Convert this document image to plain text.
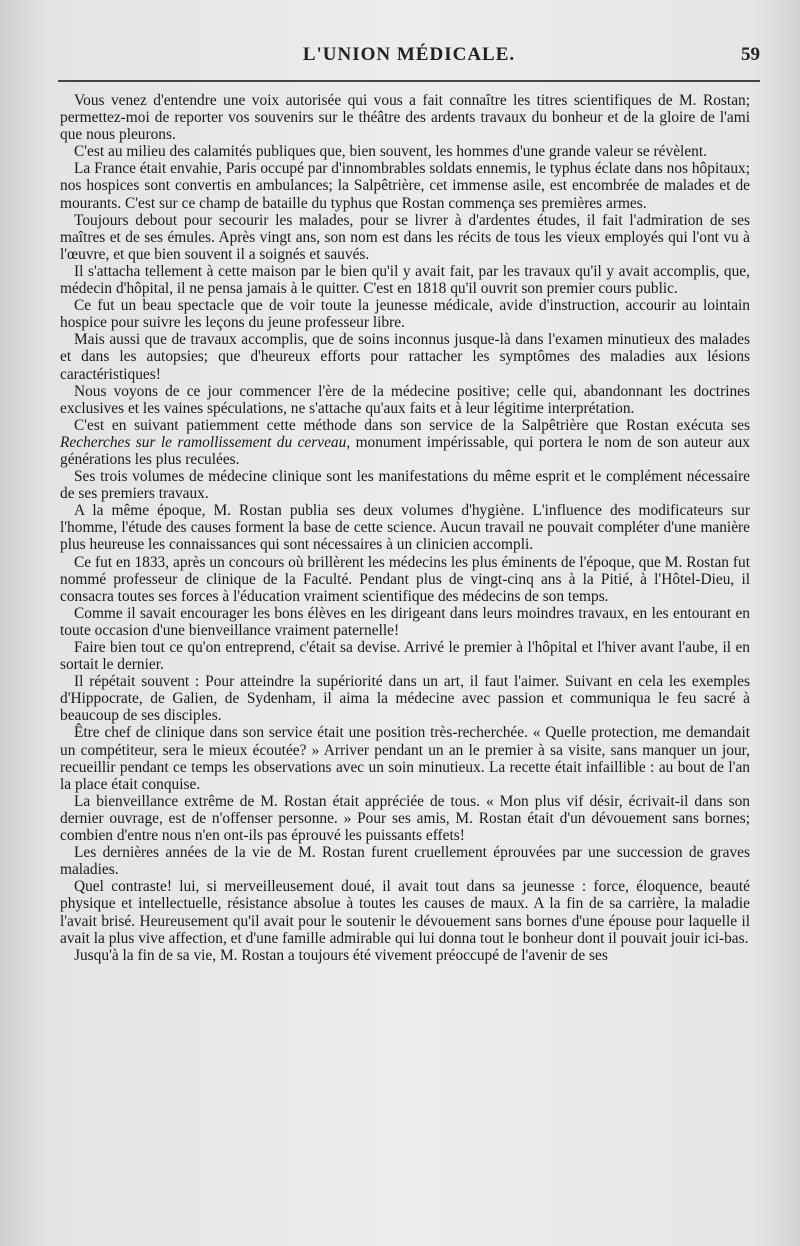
L'UNION MÉDICALE.	59

Vous venez d'entendre une voix autorisée qui vous a fait connaître les titres scientifiques de M. Rostan; permettez-moi de reporter vos souvenirs sur le théâtre des ardents travaux du bonheur et de la gloire de l'ami que nous pleurons.

C'est au milieu des calamités publiques que, bien souvent, les hommes d'une grande valeur se révèlent.

La France était envahie, Paris occupé par d'innombrables soldats ennemis, le typhus éclate dans nos hôpitaux; nos hospices sont convertis en ambulances; la Salpêtrière, cet immense asile, est encombrée de malades et de mourants. C'est sur ce champ de bataille du typhus que Rostan commença ses premières armes.

Toujours debout pour secourir les malades, pour se livrer à d'ardentes études, il fait l'admiration de ses maîtres et de ses émules. Après vingt ans, son nom est dans les récits de tous les vieux employés qui l'ont vu à l'œuvre, et que bien souvent il a soignés et sauvés.

Il s'attacha tellement à cette maison par le bien qu'il y avait fait, par les travaux qu'il y avait accomplis, que, médecin d'hôpital, il ne pensa jamais à le quitter. C'est en 1818 qu'il ouvrit son premier cours public.

Ce fut un beau spectacle que de voir toute la jeunesse médicale, avide d'instruction, accourir au lointain hospice pour suivre les leçons du jeune professeur libre.

Mais aussi que de travaux accomplis, que de soins inconnus jusque-là dans l'examen minutieux des malades et dans les autopsies; que d'heureux efforts pour rattacher les symptômes des maladies aux lésions caractéristiques!

Nous voyons de ce jour commencer l'ère de la médecine positive; celle qui, abandonnant les doctrines exclusives et les vaines spéculations, ne s'attache qu'aux faits et à leur légitime interprétation.

C'est en suivant patiemment cette méthode dans son service de la Salpêtrière que Rostan exécuta ses Recherches sur le ramollissement du cerveau, monument impérissable, qui portera le nom de son auteur aux générations les plus reculées.

Ses trois volumes de médecine clinique sont les manifestations du même esprit et le complément nécessaire de ses premiers travaux.

A la même époque, M. Rostan publia ses deux volumes d'hygiène. L'influence des modificateurs sur l'homme, l'étude des causes forment la base de cette science. Aucun travail ne pouvait compléter d'une manière plus heureuse les connaissances qui sont nécessaires à un clinicien accompli.

Ce fut en 1833, après un concours où brillèrent les médecins les plus éminents de l'époque, que M. Rostan fut nommé professeur de clinique de la Faculté. Pendant plus de vingt-cinq ans à la Pitié, à l'Hôtel-Dieu, il consacra toutes ses forces à l'éducation vraiment scientifique des médecins de son temps.

Comme il savait encourager les bons élèves en les dirigeant dans leurs moindres travaux, en les entourant en toute occasion d'une bienveillance vraiment paternelle!

Faire bien tout ce qu'on entreprend, c'était sa devise. Arrivé le premier à l'hôpital et l'hiver avant l'aube, il en sortait le dernier.

Il répétait souvent : Pour atteindre la supériorité dans un art, il faut l'aimer. Suivant en cela les exemples d'Hippocrate, de Galien, de Sydenham, il aima la médecine avec passion et communiqua le feu sacré à beaucoup de ses disciples.

Être chef de clinique dans son service était une position très-recherchée. « Quelle protection, me demandait un compétiteur, sera le mieux écoutée? » Arriver pendant un an le premier à sa visite, sans manquer un jour, recueillir pendant ce temps les observations avec un soin minutieux. La recette était infaillible : au bout de l'an la place était conquise.

La bienveillance extrême de M. Rostan était appréciée de tous. « Mon plus vif désir, écrivait-il dans son dernier ouvrage, est de n'offenser personne. » Pour ses amis, M. Rostan était d'un dévouement sans bornes; combien d'entre nous n'en ont-ils pas éprouvé les puissants effets!

Les dernières années de la vie de M. Rostan furent cruellement éprouvées par une succession de graves maladies.

Quel contraste! lui, si merveilleusement doué, il avait tout dans sa jeunesse : force, éloquence, beauté physique et intellectuelle, résistance absolue à toutes les causes de maux. A la fin de sa carrière, la maladie l'avait brisé. Heureusement qu'il avait pour le soutenir le dévouement sans bornes d'une épouse pour laquelle il avait la plus vive affection, et d'une famille admirable qui lui donna tout le bonheur dont il pouvait jouir ici-bas.

Jusqu'à la fin de sa vie, M. Rostan a toujours été vivement préoccupé de l'avenir de ses
